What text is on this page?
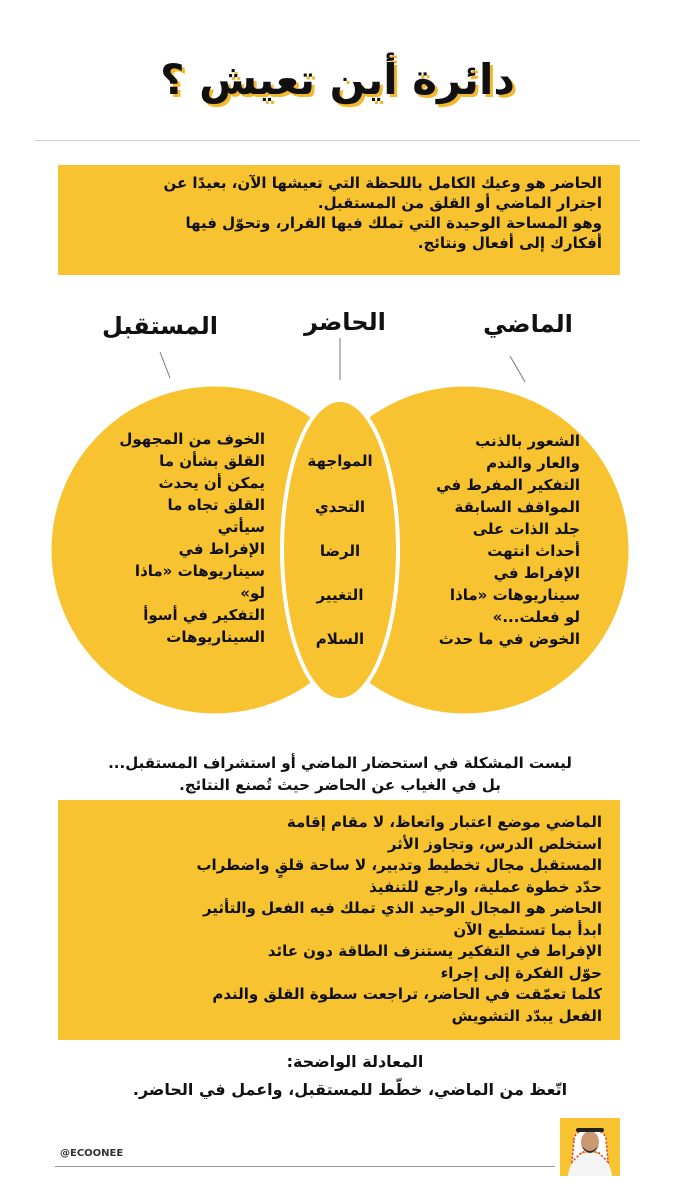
دائرة أين تعيش ؟
الحاضر هو وعيك الكامل باللحظة التي تعيشها الآن، بعيدًا عن
اجترار الماضي أو القلق من المستقبل.
وهو المساحة الوحيدة التي تملك فيها القرار، وتحوّل فيها
أفكارك إلى أفعال ونتائج.
الماضي
الحاضر
المستقبل
الشعور بالذنب
والعار والندم
التفكير المفرط في
المواقف السابقة
جلد الذات على
أحداث انتهت
الإفراط في
سيناريوهات «ماذا
لو فعلت...»
الخوض في ما حدث
المواجهة
التحدي
الرضا
التغيير
السلام
الخوف من المجهول
القلق بشأن ما
يمكن أن يحدث
القلق تجاه ما
سيأتي
الإفراط في
سيناريوهات «ماذا
لو»
التفكير في أسوأ
السيناريوهات
ليست المشكلة في استحضار الماضي أو استشراف المستقبل...
بل في الغياب عن الحاضر حيث تُصنع النتائج.
الماضي موضع اعتبار واتعاظ، لا مقام إقامة
استخلص الدرس، وتجاوز الأثر
المستقبل مجال تخطيط وتدبير، لا ساحة قلقٍ واضطراب
حدّد خطوة عملية، وارجع للتنفيذ
الحاضر هو المجال الوحيد الذي تملك فيه الفعل والتأثير
ابدأ بما تستطيع الآن
الإفراط في التفكير يستنزف الطاقة دون عائد
حوّل الفكرة إلى إجراء
كلما تعمّقت في الحاضر، تراجعت سطوة القلق والندم
الفعل يبدّد التشويش
المعادلة الواضحة:
اتّعظ من الماضي، خطّط للمستقبل، واعمل في الحاضر.
@ECOONEE
